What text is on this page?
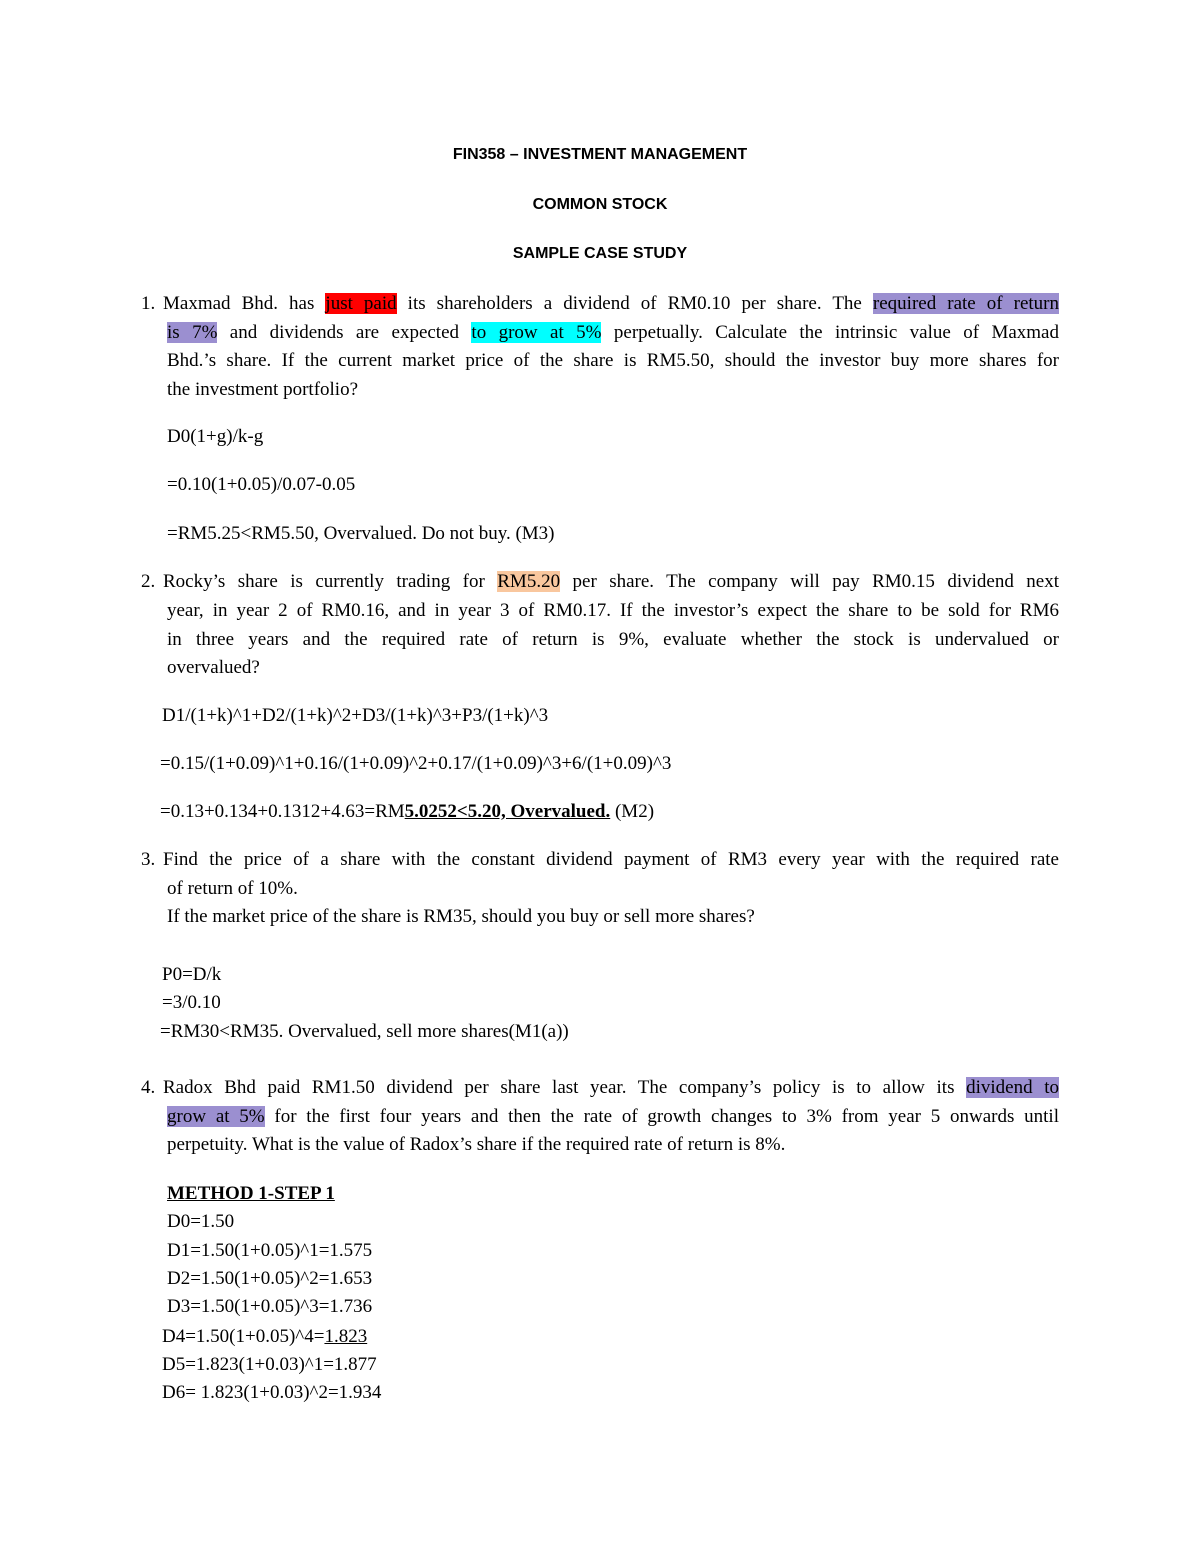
FIN358 – INVESTMENT MANAGEMENT
COMMON STOCK
SAMPLE CASE STUDY
1. Maxmad Bhd. has just paid its shareholders a dividend of RM0.10 per share. The required rate of return
is 7% and dividends are expected to grow at 5% perpetually. Calculate the intrinsic value of Maxmad
Bhd.’s share. If the current market price of the share is RM5.50, should the investor buy more shares for
the investment portfolio?
D0(1+g)/k-g
=0.10(1+0.05)/0.07-0.05
=RM5.25<RM5.50, Overvalued. Do not buy. (M3)
2. Rocky’s share is currently trading for RM5.20 per share. The company will pay RM0.15 dividend next
year, in year 2 of RM0.16, and in year 3 of RM0.17. If the investor’s expect the share to be sold for RM6
in three years and the required rate of return is 9%, evaluate whether the stock is undervalued or
overvalued?
D1/(1+k)^1+D2/(1+k)^2+D3/(1+k)^3+P3/(1+k)^3
=0.15/(1+0.09)^1+0.16/(1+0.09)^2+0.17/(1+0.09)^3+6/(1+0.09)^3
=0.13+0.134+0.1312+4.63=RM5.0252<5.20, Overvalued. (M2)
3. Find the price of a share with the constant dividend payment of RM3 every year with the required rate
of return of 10%.
If the market price of the share is RM35, should you buy or sell more shares?
P0=D/k
=3/0.10
=RM30<RM35. Overvalued, sell more shares(M1(a))
4. Radox Bhd paid RM1.50 dividend per share last year. The company’s policy is to allow its dividend to
grow at 5% for the first four years and then the rate of growth changes to 3% from year 5 onwards until
perpetuity. What is the value of Radox’s share if the required rate of return is 8%.
METHOD 1-STEP 1
D0=1.50
D1=1.50(1+0.05)^1=1.575
D2=1.50(1+0.05)^2=1.653
D3=1.50(1+0.05)^3=1.736
D4=1.50(1+0.05)^4=1.823
D5=1.823(1+0.03)^1=1.877
D6= 1.823(1+0.03)^2=1.934
